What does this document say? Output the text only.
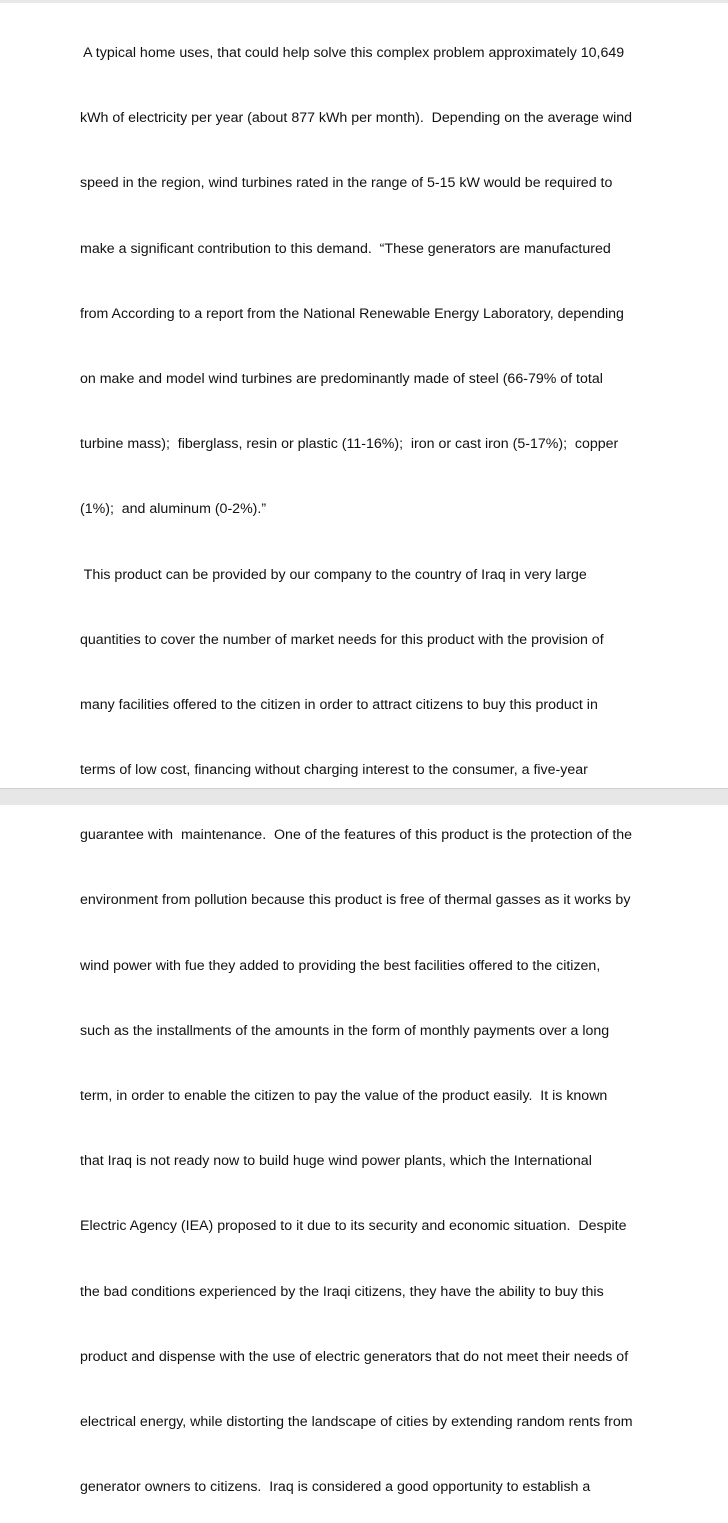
A typical home uses, that could help solve this complex problem approximately 10,649

kWh of electricity per year (about 877 kWh per month).  Depending on the average wind

speed in the region, wind turbines rated in the range of 5-15 kW would be required to

make a significant contribution to this demand.  “These generators are manufactured

from According to a report from the National Renewable Energy Laboratory, depending

on make and model wind turbines are predominantly made of steel (66-79% of total

turbine mass);  fiberglass, resin or plastic (11-16%);  iron or cast iron (5-17%);  copper

(1%);  and aluminum (0-2%).”

This product can be provided by our company to the country of Iraq in very large

quantities to cover the number of market needs for this product with the provision of

many facilities offered to the citizen in order to attract citizens to buy this product in

terms of low cost, financing without charging interest to the consumer, a five-year

guarantee with  maintenance.  One of the features of this product is the protection of the

environment from pollution because this product is free of thermal gasses as it works by

wind power with fue they added to providing the best facilities offered to the citizen,

such as the installments of the amounts in the form of monthly payments over a long

term, in order to enable the citizen to pay the value of the product easily.  It is known

that Iraq is not ready now to build huge wind power plants, which the International

Electric Agency (IEA) proposed to it due to its security and economic situation.  Despite

the bad conditions experienced by the Iraqi citizens, they have the ability to buy this

product and dispense with the use of electric generators that do not meet their needs of

electrical energy, while distorting the landscape of cities by extending random rents from

generator owners to citizens.  Iraq is considered a good opportunity to establish a
